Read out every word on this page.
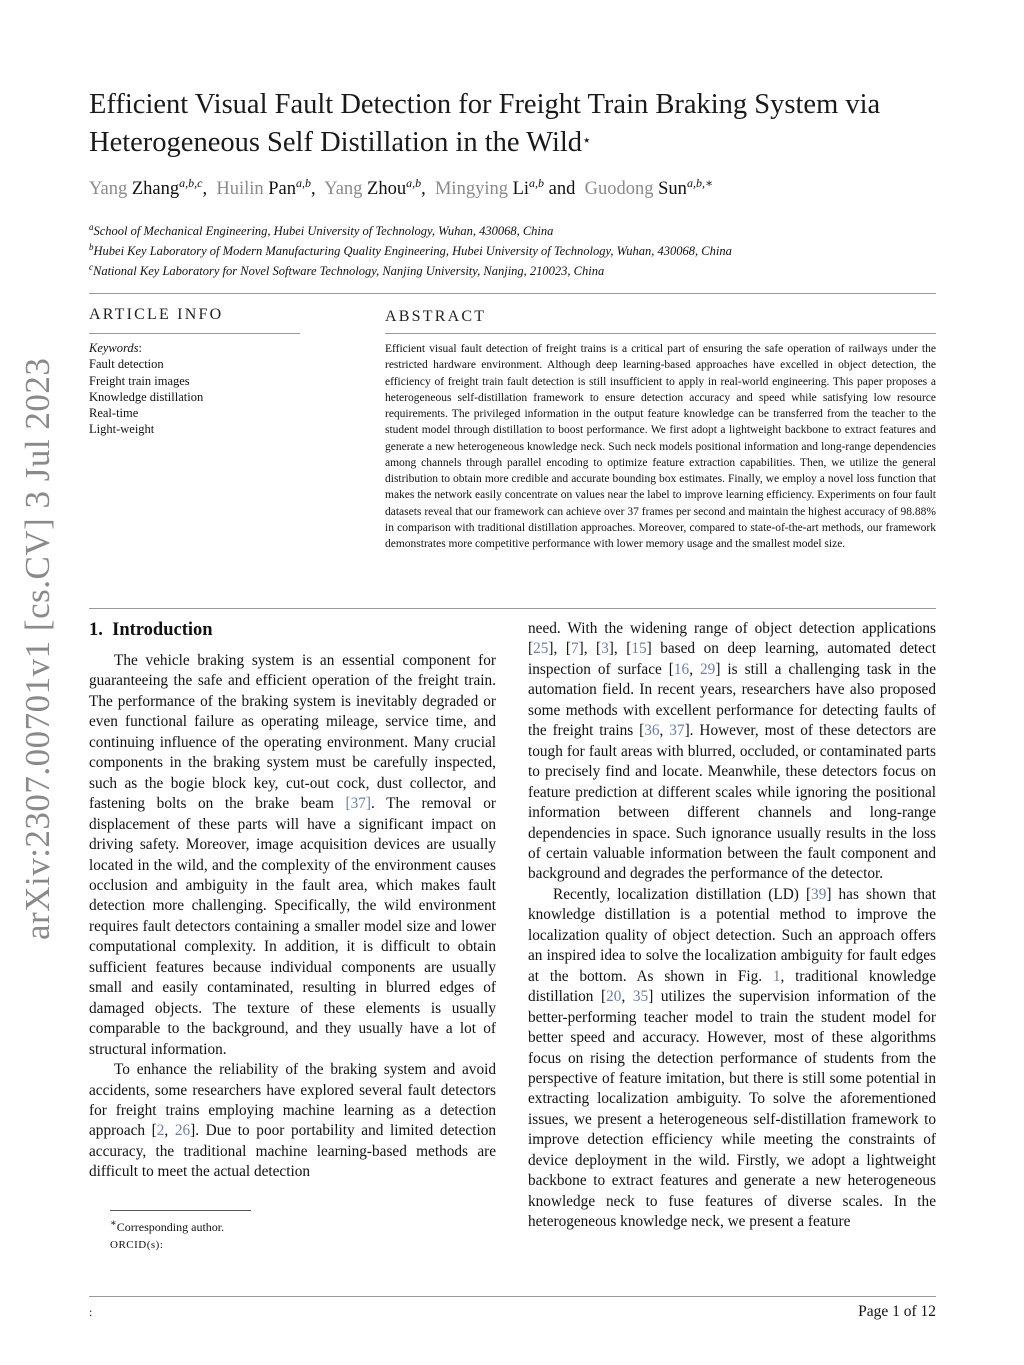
arXiv:2307.00701v1 [cs.CV] 3 Jul 2023
Efficient Visual Fault Detection for Freight Train Braking System via
Heterogeneous Self Distillation in the Wild⋆
Yang Zhang$^{a,b,c}$,  Huilin Pan$^{a,b}$,  Yang Zhou$^{a,b}$,  Mingying Li$^{a,b}$ and Guodong Sun$^{a,b,∗}$
$^a$School of Mechanical Engineering, Hubei University of Technology, Wuhan, 430068, China
$^b$Hubei Key Laboratory of Modern Manufacturing Quality Engineering, Hubei University of Technology, Wuhan, 430068, China
$^c$National Key Laboratory for Novel Software Technology, Nanjing University, Nanjing, 210023, China
ARTICLE INFO	ABSTRACT
Keywords:
Fault detection
Freight train images
Knowledge distillation
Real-time
Light-weight
Efficient visual fault detection of freight trains is a critical part of ensuring the safe operation of railways under the restricted hardware environment. Although deep learning-based approaches have excelled in object detection, the efficiency of freight train fault detection is still insufficient to apply in real-world engineering. This paper proposes a heterogeneous self-distillation framework to ensure detection accuracy and speed while satisfying low resource requirements. The privileged information in the output feature knowledge can be transferred from the teacher to the student model through distillation to boost performance. We first adopt a lightweight backbone to extract features and generate a new heterogeneous knowledge neck. Such neck models positional information and long-range dependencies among channels through parallel encoding to optimize feature extraction capabilities. Then, we utilize the general distribution to obtain more credible and accurate bounding box estimates. Finally, we employ a novel loss function that makes the network easily concentrate on values near the label to improve learning efficiency. Experiments on four fault datasets reveal that our framework can achieve over 37 frames per second and maintain the highest accuracy of 98.88% in comparison with traditional distillation approaches. Moreover, compared to state-of-the-art methods, our framework demonstrates more competitive performance with lower memory usage and the smallest model size.
1. Introduction

The vehicle braking system is an essential component for guaranteeing the safe and efficient operation of the freight train. The performance of the braking system is inevitably degraded or even functional failure as operating mileage, service time, and continuing influence of the operating environment. Many crucial components in the braking system must be carefully inspected, such as the bogie block key, cut-out cock, dust collector, and fastening bolts on the brake beam [37]. The removal or displacement of these parts will have a significant impact on driving safety. Moreover, image acquisition devices are usually located in the wild, and the complexity of the environment causes occlusion and ambiguity in the fault area, which makes fault detection more challenging. Specifically, the wild environment requires fault detectors containing a smaller model size and lower computational complexity. In addition, it is difficult to obtain sufficient features because individual components are usually small and easily contaminated, resulting in blurred edges of damaged objects. The texture of these elements is usually comparable to the background, and they usually have a lot of structural information.

To enhance the reliability of the braking system and avoid accidents, some researchers have explored several fault detectors for freight trains employing machine learning as a detection approach [2, 26]. Due to poor portability and limited detection accuracy, the traditional machine learning-based methods are difficult to meet the actual detection

∗Corresponding author.
ORCID(s):

need. With the widening range of object detection applications [25], [7], [3], [15] based on deep learning, automated detect inspection of surface [16, 29] is still a challenging task in the automation field. In recent years, researchers have also proposed some methods with excellent performance for detecting faults of the freight trains [36, 37]. However, most of these detectors are tough for fault areas with blurred, occluded, or contaminated parts to precisely find and locate. Meanwhile, these detectors focus on feature prediction at different scales while ignoring the positional information between different channels and long-range dependencies in space. Such ignorance usually results in the loss of certain valuable information between the fault component and background and degrades the performance of the detector.

Recently, localization distillation (LD) [39] has shown that knowledge distillation is a potential method to improve the localization quality of object detection. Such an approach offers an inspired idea to solve the localization ambiguity for fault edges at the bottom. As shown in Fig. 1, traditional knowledge distillation [20, 35] utilizes the supervision information of the better-performing teacher model to train the student model for better speed and accuracy. However, most of these algorithms focus on rising the detection performance of students from the perspective of feature imitation, but there is still some potential in extracting localization ambiguity. To solve the aforementioned issues, we present a heterogeneous self-distillation framework to improve detection efficiency while meeting the constraints of device deployment in the wild. Firstly, we adopt a lightweight backbone to extract features and generate a new heterogeneous knowledge neck to fuse features of diverse scales. In the heterogeneous knowledge neck, we present a feature

:	Page 1 of 12
